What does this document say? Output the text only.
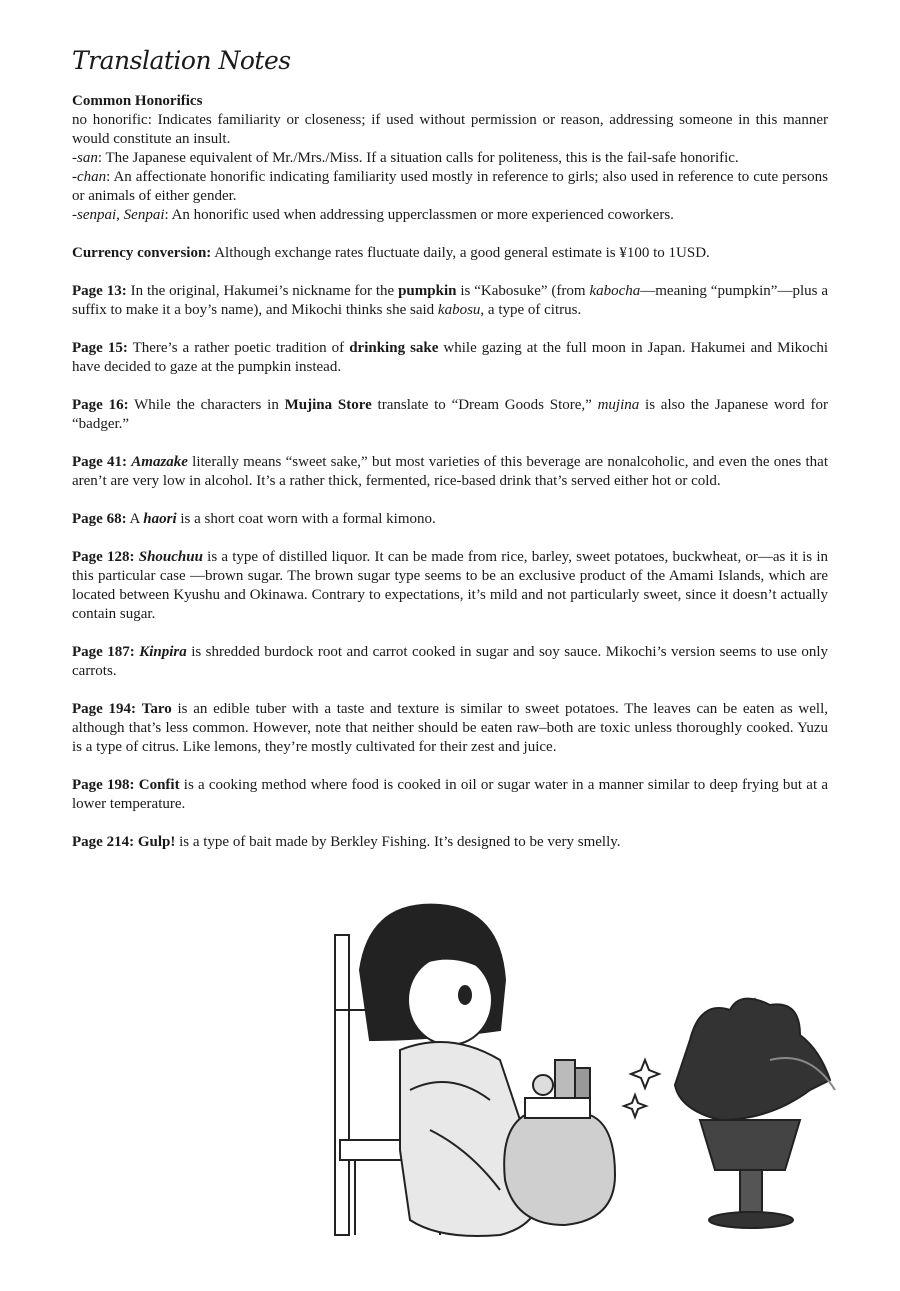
Translation Notes
Common Honorifics
no honorific: Indicates familiarity or closeness; if used without permission or reason, addressing someone in this manner would constitute an insult.
-san: The Japanese equivalent of Mr./Mrs./Miss. If a situation calls for politeness, this is the fail-safe honorific.
-chan: An affectionate honorific indicating familiarity used mostly in reference to girls; also used in reference to cute persons or animals of either gender.
-senpai, Senpai: An honorific used when addressing upperclassmen or more experienced coworkers.

Currency conversion: Although exchange rates fluctuate daily, a good general estimate is ¥100 to 1USD.

Page 13: In the original, Hakumei’s nickname for the pumpkin is “Kabosuke” (from kabocha—meaning “pumpkin”—plus a suffix to make it a boy’s name), and Mikochi thinks she said kabosu, a type of citrus.

Page 15: There’s a rather poetic tradition of drinking sake while gazing at the full moon in Japan. Hakumei and Mikochi have decided to gaze at the pumpkin instead.

Page 16: While the characters in Mujina Store translate to “Dream Goods Store,” mujina is also the Japanese word for “badger.”

Page 41: Amazake literally means “sweet sake,” but most varieties of this beverage are nonalcoholic, and even the ones that aren’t are very low in alcohol. It’s a rather thick, fermented, rice-based drink that’s served either hot or cold.

Page 68: A haori is a short coat worn with a formal kimono.

Page 128: Shouchuu is a type of distilled liquor. It can be made from rice, barley, sweet potatoes, buckwheat, or—as it is in this particular case —brown sugar. The brown sugar type seems to be an exclusive product of the Amami Islands, which are located between Kyushu and Okinawa. Contrary to expectations, it’s mild and not particularly sweet, since it doesn’t actually contain sugar.

Page 187: Kinpira is shredded burdock root and carrot cooked in sugar and soy sauce. Mikochi’s version seems to use only carrots.

Page 194: Taro is an edible tuber with a taste and texture is similar to sweet potatoes. The leaves can be eaten as well, although that’s less common. However, note that neither should be eaten raw–both are toxic unless thoroughly cooked. Yuzu is a type of citrus. Like lemons, they’re mostly cultivated for their zest and juice.

Page 198: Confit is a cooking method where food is cooked in oil or sugar water in a manner similar to deep frying but at a lower temperature.

Page 214: Gulp! is a type of bait made by Berkley Fishing. It’s designed to be very smelly.
